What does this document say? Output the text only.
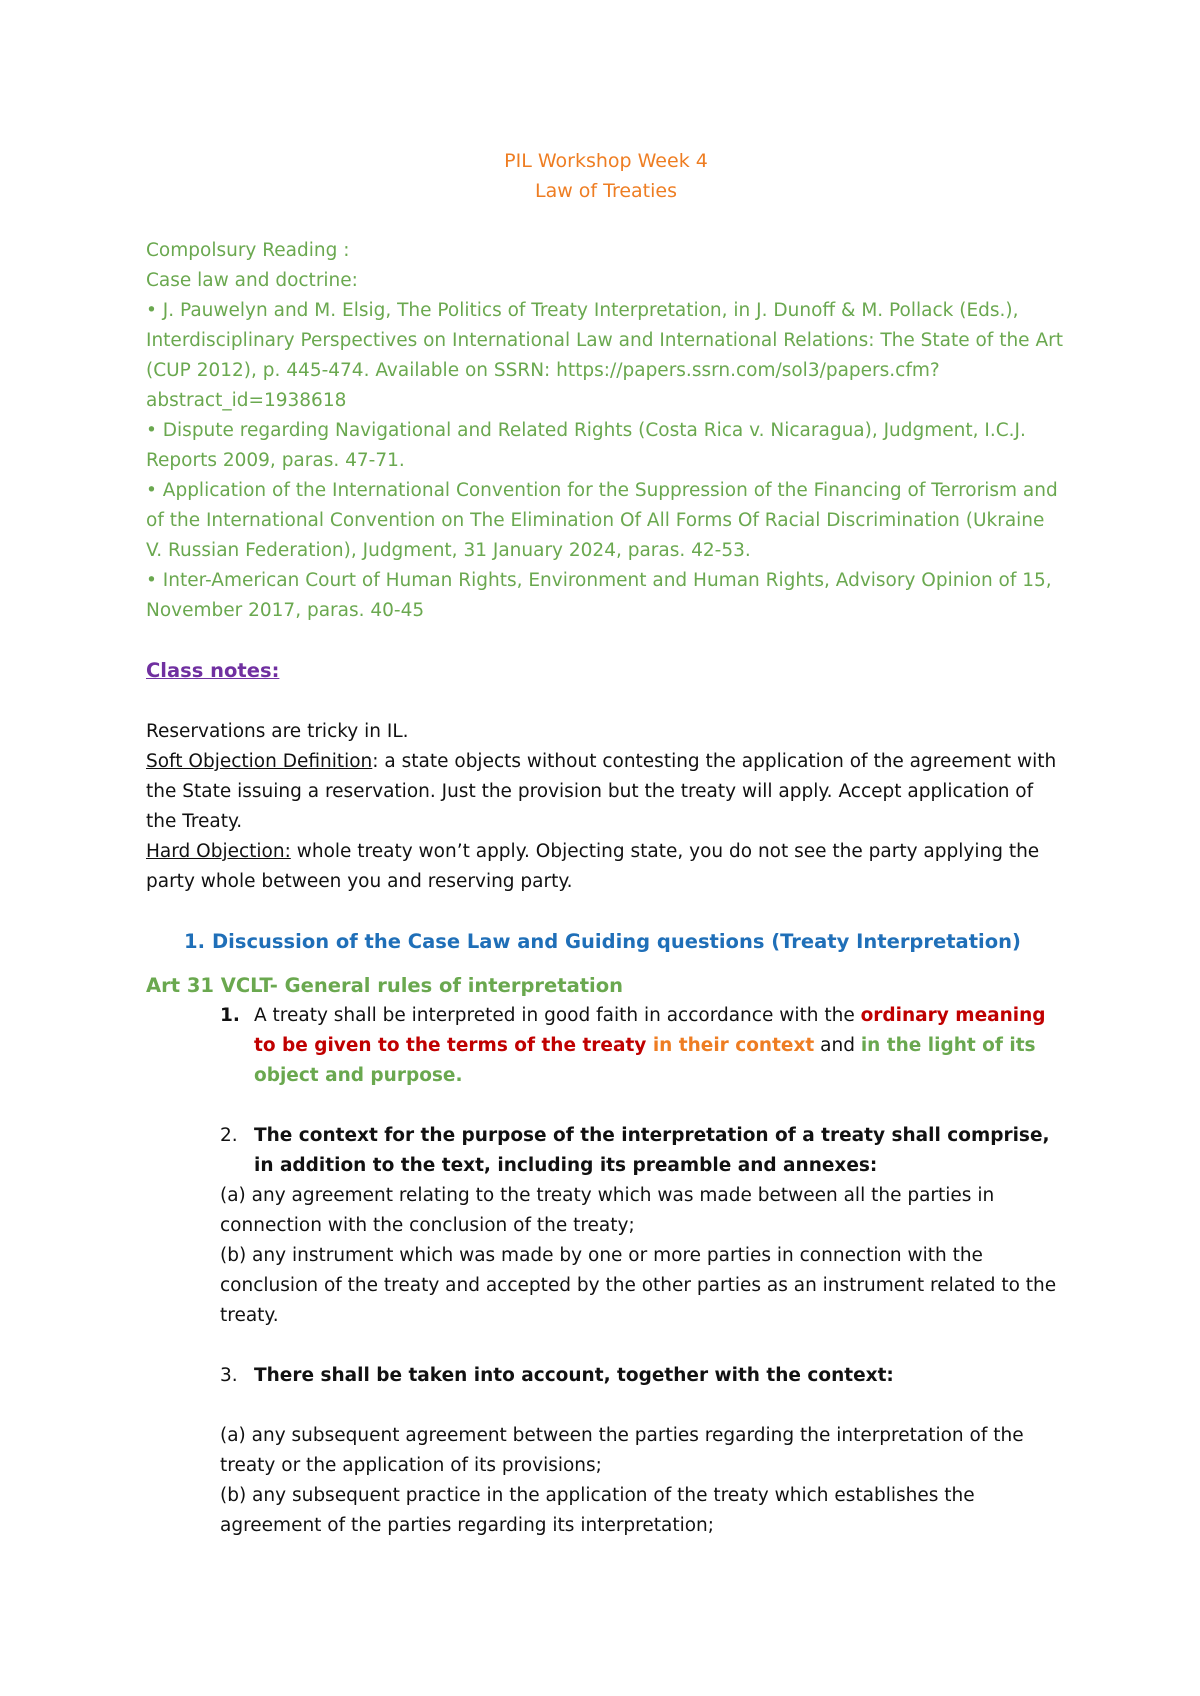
PIL Workshop Week 4
Law of Treaties
Compolsury Reading :
Case law and doctrine:
• J. Pauwelyn and M. Elsig, The Politics of Treaty Interpretation, in J. Dunoff & M. Pollack (Eds.), Interdisciplinary Perspectives on International Law and International Relations: The State of the Art (CUP 2012), p. 445-474. Available on SSRN: https://papers.ssrn.com/sol3/papers.cfm?abstract_id=1938618
• Dispute regarding Navigational and Related Rights (Costa Rica v. Nicaragua), Judgment, I.C.J. Reports 2009, paras. 47-71.
• Application of the International Convention for the Suppression of the Financing of Terrorism and of the International Convention on The Elimination Of All Forms Of Racial Discrimination (Ukraine V. Russian Federation), Judgment, 31 January 2024, paras. 42-53.
• Inter-American Court of Human Rights, Environment and Human Rights, Advisory Opinion of 15, November 2017, paras. 40-45
Class notes:
Reservations are tricky in IL.
Soft Objection Definition: a state objects without contesting the application of the agreement with the State issuing a reservation. Just the provision but the treaty will apply. Accept application of the Treaty.
Hard Objection: whole treaty won’t apply. Objecting state, you do not see the party applying the party whole between you and reserving party.
1. Discussion of the Case Law and Guiding questions (Treaty Interpretation)
Art 31 VCLT- General rules of interpretation
1. A treaty shall be interpreted in good faith in accordance with the ordinary meaning to be given to the terms of the treaty in their context and in the light of its object and purpose.
2. The context for the purpose of the interpretation of a treaty shall comprise, in addition to the text, including its preamble and annexes:
(a) any agreement relating to the treaty which was made between all the parties in connection with the conclusion of the treaty;
(b) any instrument which was made by one or more parties in connection with the conclusion of the treaty and accepted by the other parties as an instrument related to the treaty.
3. There shall be taken into account, together with the context:
(a) any subsequent agreement between the parties regarding the interpretation of the treaty or the application of its provisions;
(b) any subsequent practice in the application of the treaty which establishes the agreement of the parties regarding its interpretation;
